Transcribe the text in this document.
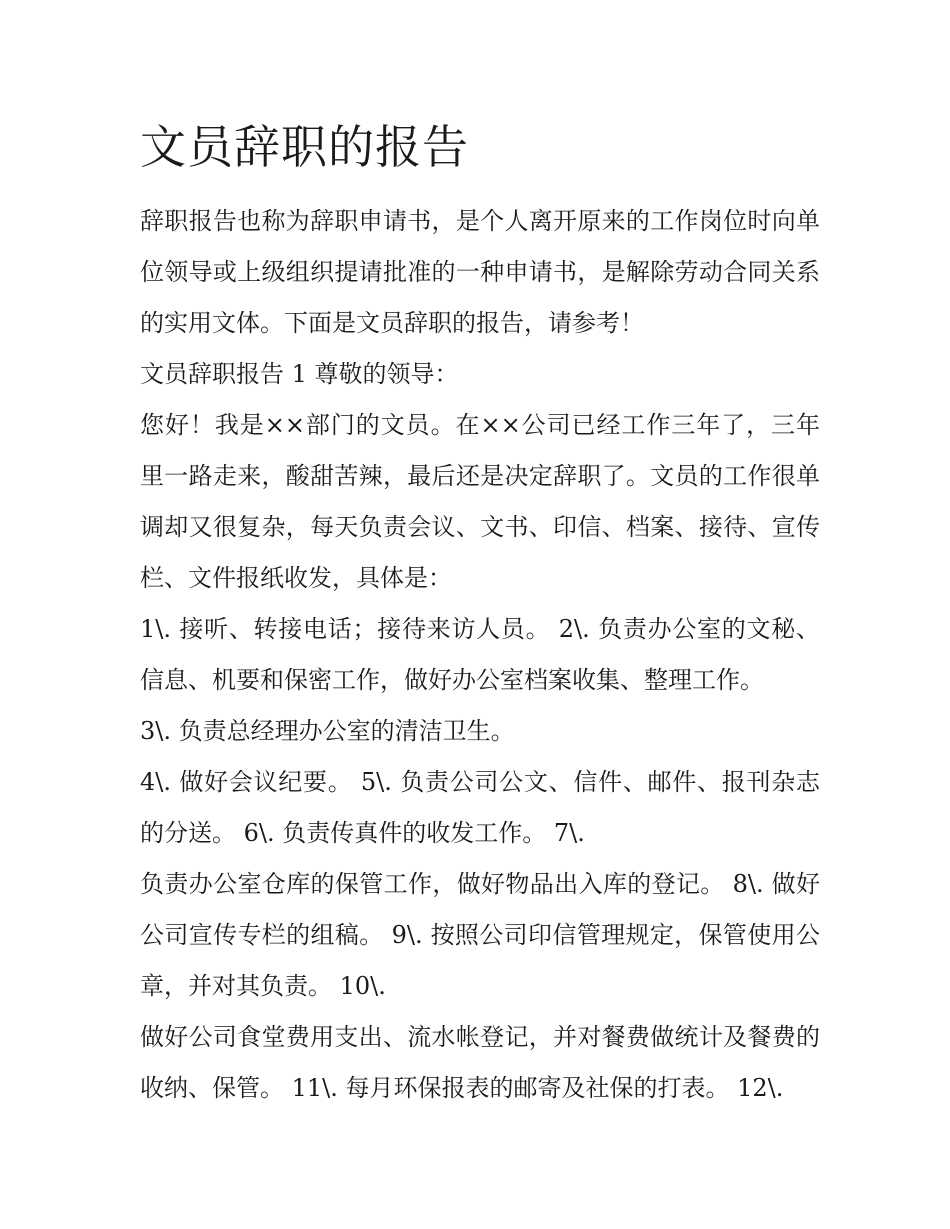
文员辞职的报告

辞职报告也称为辞职申请书，是个人离开原来的工作岗位时向单位领导或上级组织提请批准的一种申请书，是解除劳动合同关系的实用文体。下面是文员辞职的报告，请参考！

文员辞职报告 1 尊敬的领导：

您好！我是××部门的文员。在××公司已经工作三年了，三年里一路走来，酸甜苦辣，最后还是决定辞职了。文员的工作很单调却又很复杂，每天负责会议、文书、印信、档案、接待、宣传栏、文件报纸收发，具体是：

1\. 接听、转接电话；接待来访人员。 2\. 负责办公室的文秘、信息、机要和保密工作，做好办公室档案收集、整理工作。

3\. 负责总经理办公室的清洁卫生。

4\. 做好会议纪要。 5\. 负责公司公文、信件、邮件、报刊杂志的分送。 6\. 负责传真件的收发工作。 7\.

负责办公室仓库的保管工作，做好物品出入库的登记。 8\. 做好公司宣传专栏的组稿。 9\. 按照公司印信管理规定，保管使用公章，并对其负责。 10\.

做好公司食堂费用支出、流水帐登记，并对餐费做统计及餐费的收纳、保管。 11\. 每月环保报表的邮寄及社保的打表。 12\.
